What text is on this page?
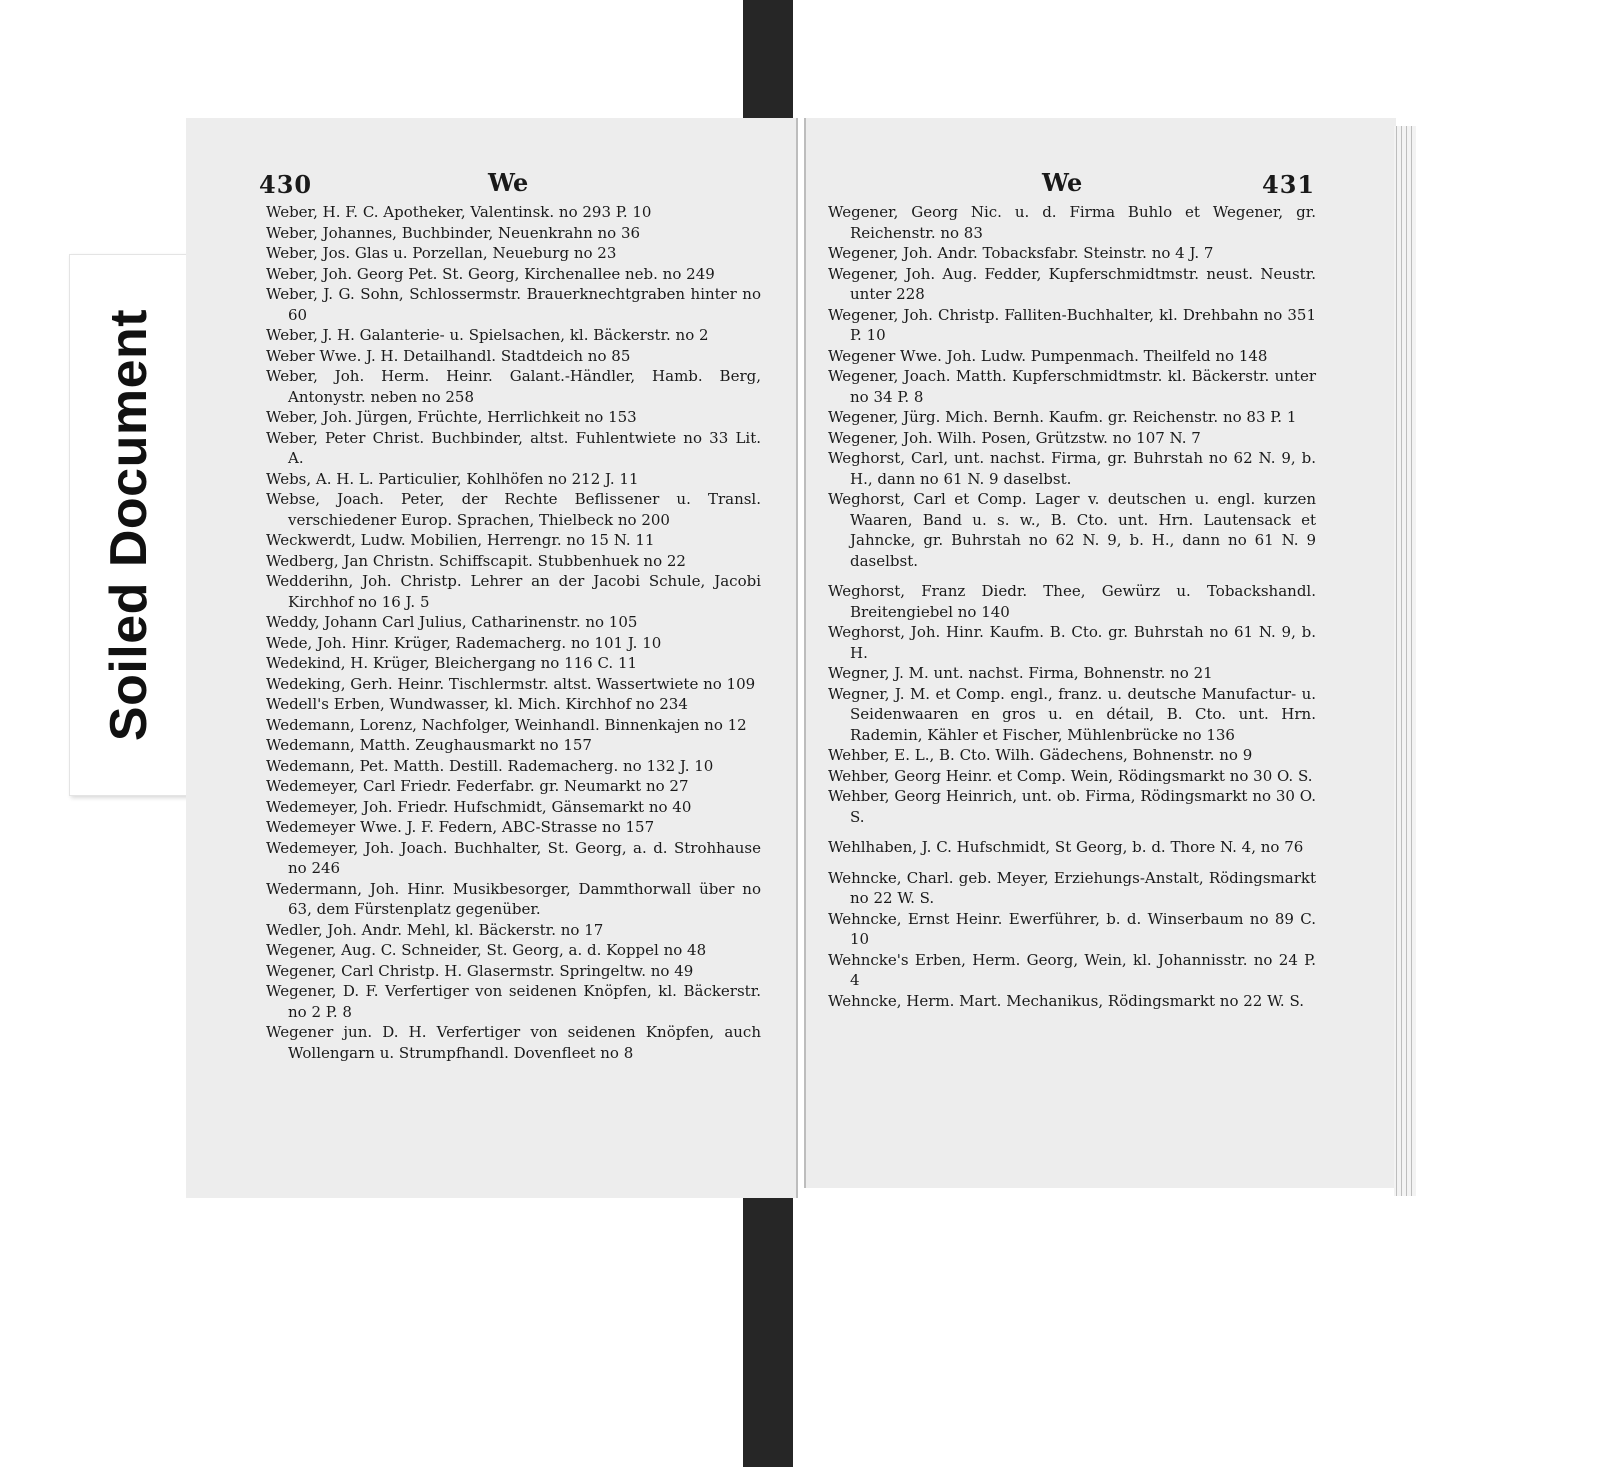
Soiled Document
430	We
Weber, H. F. C. Apotheker, Valentinsk. no 293 P. 10
Weber, Johannes, Buchbinder, Neuenkrahn no 36
Weber, Jos. Glas u. Porzellan, Neueburg no 23
Weber, Joh. Georg Pet. St. Georg, Kirchenallee neb. no 249
Weber, J. G. Sohn, Schlossermstr. Brauerknechtgraben hinter no 60
Weber, J. H. Galanterie- u. Spielsachen, kl. Bäckerstr. no 2
Weber Wwe. J. H. Detailhandl. Stadtdeich no 85
Weber, Joh. Herm. Heinr. Galant.-Händler, Hamb. Berg, Antonystr. neben no 258
Weber, Joh. Jürgen, Früchte, Herrlichkeit no 153
Weber, Peter Christ. Buchbinder, altst. Fuhlentwiete no 33 Lit. A.
Webs, A. H. L. Particulier, Kohlhöfen no 212 J. 11
Webse, Joach. Peter, der Rechte Beflissener u. Transl. verschiedener Europ. Sprachen, Thielbeck no 200
Weckwerdt, Ludw. Mobilien, Herrengr. no 15 N. 11
Wedberg, Jan Christn. Schiffscapit. Stubbenhuek no 22
Wedderihn, Joh. Christp. Lehrer an der Jacobi Schule, Jacobi Kirchhof no 16 J. 5
Weddy, Johann Carl Julius, Catharinenstr. no 105
Wede, Joh. Hinr. Krüger, Rademacherg. no 101 J. 10
Wedekind, H. Krüger, Bleichergang no 116 C. 11
Wedeking, Gerh. Heinr. Tischlermstr. altst. Wassertwiete no 109
Wedell's Erben, Wundwasser, kl. Mich. Kirchhof no 234
Wedemann, Lorenz, Nachfolger, Weinhandl. Binnenkajen no 12
Wedemann, Matth. Zeughausmarkt no 157
Wedemann, Pet. Matth. Destill. Rademacherg. no 132 J. 10
Wedemeyer, Carl Friedr. Federfabr. gr. Neumarkt no 27
Wedemeyer, Joh. Friedr. Hufschmidt, Gänsemarkt no 40
Wedemeyer Wwe. J. F. Federn, ABC-Strasse no 157
Wedemeyer, Joh. Joach. Buchhalter, St. Georg, a. d. Strohhause no 246
Wedermann, Joh. Hinr. Musikbesorger, Dammthorwall über no 63, dem Fürstenplatz gegenüber.
Wedler, Joh. Andr. Mehl, kl. Bäckerstr. no 17
Wegener, Aug. C. Schneider, St. Georg, a. d. Koppel no 48
Wegener, Carl Christp. H. Glasermstr. Springeltw. no 49
Wegener, D. F. Verfertiger von seidenen Knöpfen, kl. Bäckerstr. no 2 P. 8
Wegener jun. D. H. Verfertiger von seidenen Knöpfen, auch Wollengarn u. Strumpfhandl. Dovenfleet no 8
We	431
Wegener, Georg Nic. u. d. Firma Buhlo et Wegener, gr. Reichenstr. no 83
Wegener, Joh. Andr. Tobacksfabr. Steinstr. no 4 J. 7
Wegener, Joh. Aug. Fedder, Kupferschmidtmstr. neust. Neustr. unter 228
Wegener, Joh. Christp. Falliten-Buchhalter, kl. Drehbahn no 351 P. 10
Wegener Wwe. Joh. Ludw. Pumpenmach. Theilfeld no 148
Wegener, Joach. Matth. Kupferschmidtmstr. kl. Bäckerstr. unter no 34 P. 8
Wegener, Jürg. Mich. Bernh. Kaufm. gr. Reichenstr. no 83 P. 1
Wegener, Joh. Wilh. Posen, Grützstw. no 107 N. 7
Weghorst, Carl, unt. nachst. Firma, gr. Buhrstah no 62 N. 9, b. H., dann no 61 N. 9 daselbst.
Weghorst, Carl et Comp. Lager v. deutschen u. engl. kurzen Waaren, Band u. s. w., B. Cto. unt. Hrn. Lautensack et Jahncke, gr. Buhrstah no 62 N. 9, b. H., dann no 61 N. 9 daselbst.
Weghorst, Franz Diedr. Thee, Gewürz u. Tobackshandl. Breitengiebel no 140
Weghorst, Joh. Hinr. Kaufm. B. Cto. gr. Buhrstah no 61 N. 9, b. H.
Wegner, J. M. unt. nachst. Firma, Bohnenstr. no 21
Wegner, J. M. et Comp. engl., franz. u. deutsche Manufactur- u. Seidenwaaren en gros u. en détail, B. Cto. unt. Hrn. Rademin, Kähler et Fischer, Mühlenbrücke no 136
Wehber, E. L., B. Cto. Wilh. Gädechens, Bohnenstr. no 9
Wehber, Georg Heinr. et Comp. Wein, Rödingsmarkt no 30 O. S.
Wehber, Georg Heinrich, unt. ob. Firma, Rödingsmarkt no 30 O. S.
Wehlhaben, J. C. Hufschmidt, St Georg, b. d. Thore N. 4, no 76
Wehncke, Charl. geb. Meyer, Erziehungs-Anstalt, Rödingsmarkt no 22 W. S.
Wehncke, Ernst Heinr. Ewerführer, b. d. Winserbaum no 89 C. 10
Wehncke's Erben, Herm. Georg, Wein, kl. Johannisstr. no 24 P. 4
Wehncke, Herm. Mart. Mechanikus, Rödingsmarkt no 22 W. S.
